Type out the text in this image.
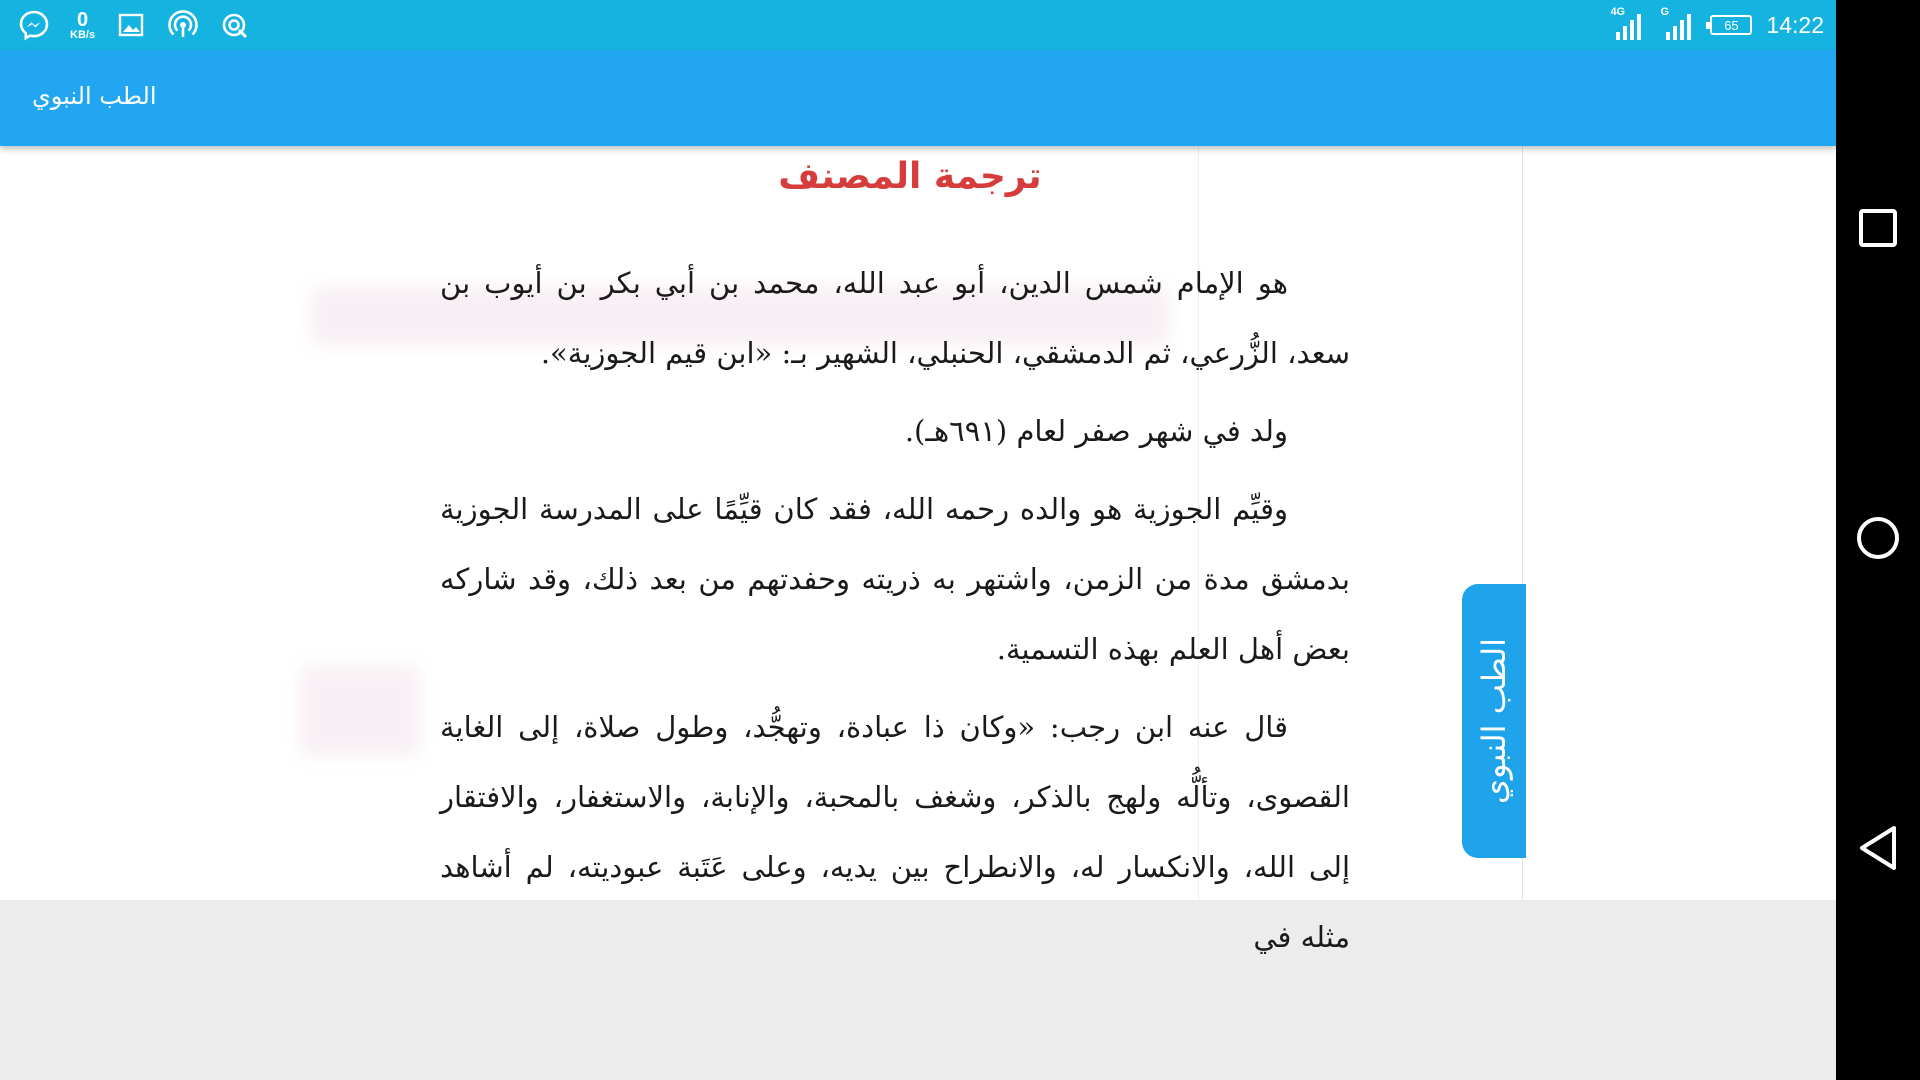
0
KB/s
4G	G
65 14:22
الطب النبوي
ترجمة المصنف

هو الإمام شمس الدين، أبو عبد الله، محمد بن أبي بكر بن أيوب بن سعد، الزُّرعي، ثم الدمشقي، الحنبلي، الشهير بـ: «ابن قيم الجوزية».

ولد في شهر صفر لعام (٦٩١هـ).

وقيِّم الجوزية هو والده رحمه الله، فقد كان قيِّمًا على المدرسة الجوزية بدمشق مدة من الزمن، واشتهر به ذريته وحفدتهم من بعد ذلك، وقد شاركه بعض أهل العلم بهذه التسمية.

قال عنه ابن رجب: «وكان ذا عبادة، وتهجُّد، وطول صلاة، إلى الغاية القصوى، وتألُّه ولهج بالذكر، وشغف بالمحبة، والإنابة، والاستغفار، والافتقار إلى الله، والانكسار له، والانطراح بين يديه، وعلى عَتَبة عبوديته، لم أشاهد مثله في

الطب النبوي
